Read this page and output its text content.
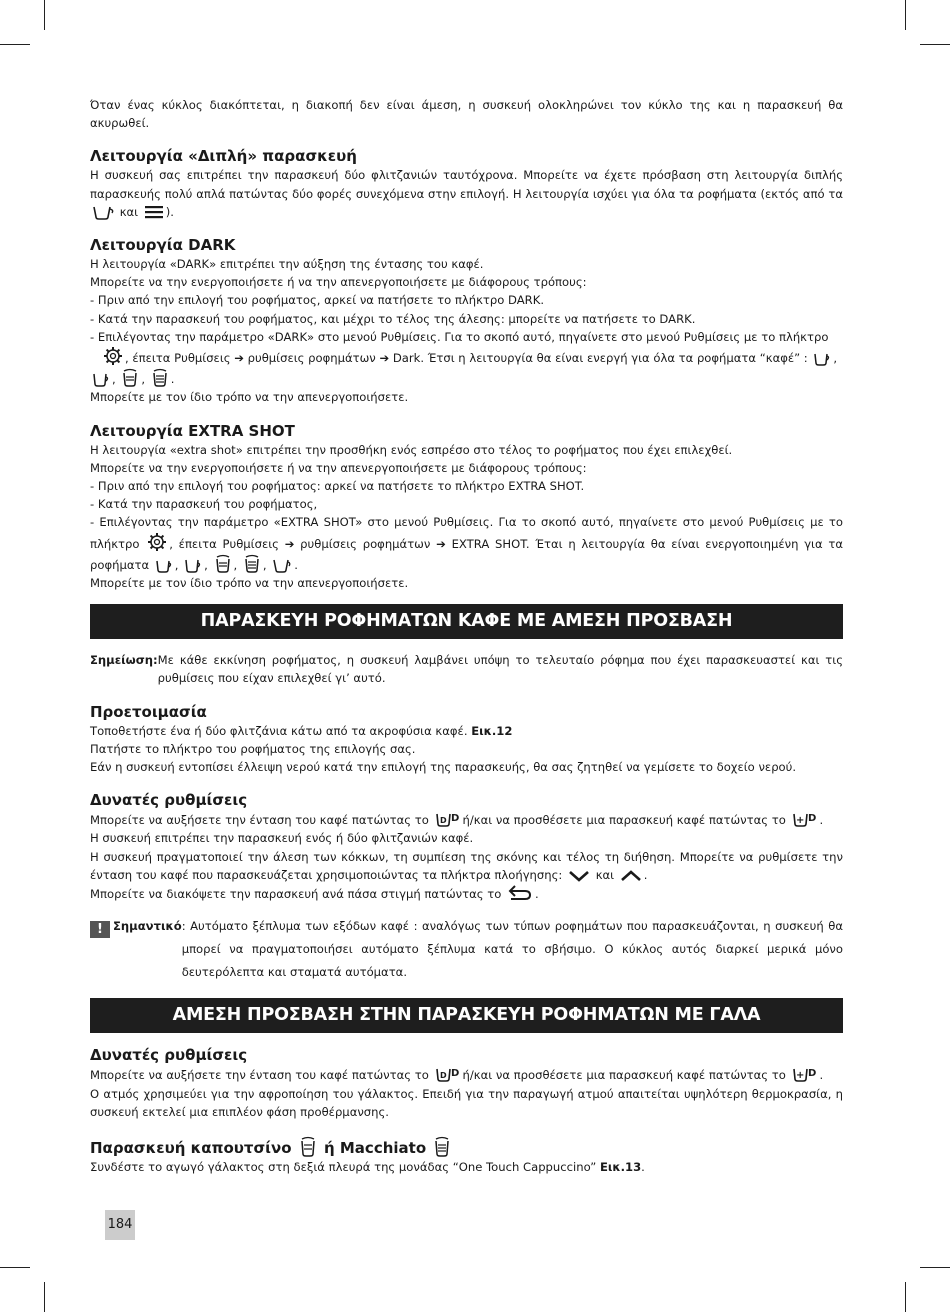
Όταν ένας κύκλος διακόπτεται, η διακοπή δεν είναι άμεση, η συσκευή ολοκληρώνει τον κύκλο της και η παρασκευή θα ακυρωθεί.

Λειτουργία «Διπλή» παρασκευή

Η συσκευή σας επιτρέπει την παρασκευή δύο φλιτζανιών ταυτόχρονα. Μπορείτε να έχετε πρόσβαση στη λειτουργία διπλής παρασκευής πολύ απλά πατώντας δύο φορές συνεχόμενα στην επιλογή. Η λειτουργία ισχύει για όλα τα ροφήματα (εκτός από τα  και ).

Λειτουργία DARK

Η λειτουργία «DARK» επιτρέπει την αύξηση της έντασης του καφέ.

Μπορείτε να την ενεργοποιήσετε ή να την απενεργοποιήσετε με διάφορους τρόπους:

- Πριν από την επιλογή του ροφήματος, αρκεί να πατήσετε το πλήκτρο DARK.

- Κατά την παρασκευή του ροφήματος, και μέχρι το τέλος της άλεσης: μπορείτε να πατήσετε το DARK.

- Επιλέγοντας την παράμετρο «DARK» στο μενού Ρυθμίσεις. Για το σκοπό αυτό, πηγαίνετε στο μενού Ρυθμίσεις με το πλήκτρο
, έπειτα Ρυθμίσεις ➔ ρυθμίσεις ροφημάτων ➔ Dark. Έτσι η λειτουργία θα είναι ενεργή για όλα τα ροφήματα “καφέ” : ,
, , .

Μπορείτε με τον ίδιο τρόπο να την απενεργοποιήσετε.

Λειτουργία EXTRA SHOT

Η λειτουργία «extra shot» επιτρέπει την προσθήκη ενός εσπρέσο στο τέλος το ροφήματος που έχει επιλεχθεί.

Μπορείτε να την ενεργοποιήσετε ή να την απενεργοποιήσετε με διάφορους τρόπους:

- Πριν από την επιλογή του ροφήματος: αρκεί να πατήσετε το πλήκτρο EXTRA SHOT.

- Κατά την παρασκευή του ροφήματος,

- Επιλέγοντας την παράμετρο «EXTRA SHOT» στο μενού Ρυθμίσεις. Για το σκοπό αυτό, πηγαίνετε στο μενού Ρυθμίσεις με το πλήκτρο	, έπειτα Ρυθμίσεις ➔ ρυθμίσεις ροφημάτων ➔ EXTRA SHOT. Έται η λειτουργία θα είναι ενεργοποιημένη για τα ροφήματα , , , , .

Μπορείτε με τον ίδιο τρόπο να την απενεργοποιήσετε.

ΠΑΡΑΣΚΕΥΗ ΡΟΦΗΜΑΤΩΝ ΚΑΦΕ ΜΕ ΑΜΕΣΗ ΠΡΟΣΒΑΣΗ

Σημείωση: Με κάθε εκκίνηση ροφήματος, η συσκευή λαμβάνει υπόψη το τελευταίο ρόφημα που έχει παρασκευαστεί και τις ρυθμίσεις που είχαν επιλεχθεί γι’ αυτό.

Προετοιμασία

Τοποθετήστε ένα ή δύο φλιτζάνια κάτω από τα ακροφύσια καφέ. Εικ.12

Πατήστε το πλήκτρο του ροφήματος της επιλογής σας.

Εάν η συσκευή εντοπίσει έλλειψη νερού κατά την επιλογή της παρασκευής, θα σας ζητηθεί να γεμίσετε το δοχείο νερού.

Δυνατές ρυθμίσεις

Μπορείτε να αυξήσετε την ένταση του καφέ πατώντας το D D ή/και να προσθέσετε μια παρασκευή καφέ πατώντας το + D .

Η συσκευή επιτρέπει την παρασκευή ενός ή δύο φλιτζανιών καφέ.

Η συσκευή πραγματοποιεί την άλεση των κόκκων, τη συμπίεση της σκόνης και τέλος τη διήθηση. Μπορείτε να ρυθμίσετε την ένταση του καφέ που παρασκευάζεται χρησιμοποιώντας τα πλήκτρα πλοήγησης:	και	.

Μπορείτε να διακόψετε την παρασκευή ανά πάσα στιγμή πατώντας το	.

! Σημαντικό : Αυτόματο ξέπλυμα των εξόδων καφέ : αναλόγως των τύπων ροφημάτων που παρασκευάζονται, η συσκευή θα μπορεί να πραγματοποιήσει αυτόματο ξέπλυμα κατά το σβήσιμο. Ο κύκλος αυτός διαρκεί μερικά μόνο δευτερόλεπτα και σταματά αυτόματα.

ΑΜΕΣΗ ΠΡΟΣΒΑΣΗ ΣΤΗΝ ΠΑΡΑΣΚΕΥΗ ΡΟΦΗΜΑΤΩΝ ΜΕ ΓΑΛΑ

Δυνατές ρυθμίσεις

Μπορείτε να αυξήσετε την ένταση του καφέ πατώντας το D D ή/και να προσθέσετε μια παρασκευή καφέ πατώντας το + D .

Ο ατμός χρησιμεύει για την αφροποίηση του γάλακτος. Επειδή για την παραγωγή ατμού απαιτείται υψηλότερη θερμοκρασία, η συσκευή εκτελεί μια επιπλέον φάση προθέρμανσης.

Παρασκευή καπουτσίνο ή Macchiato

Συνδέστε το αγωγό γάλακτος στη δεξιά πλευρά της μονάδας “One Touch Cappuccino” Εικ.13.

184
